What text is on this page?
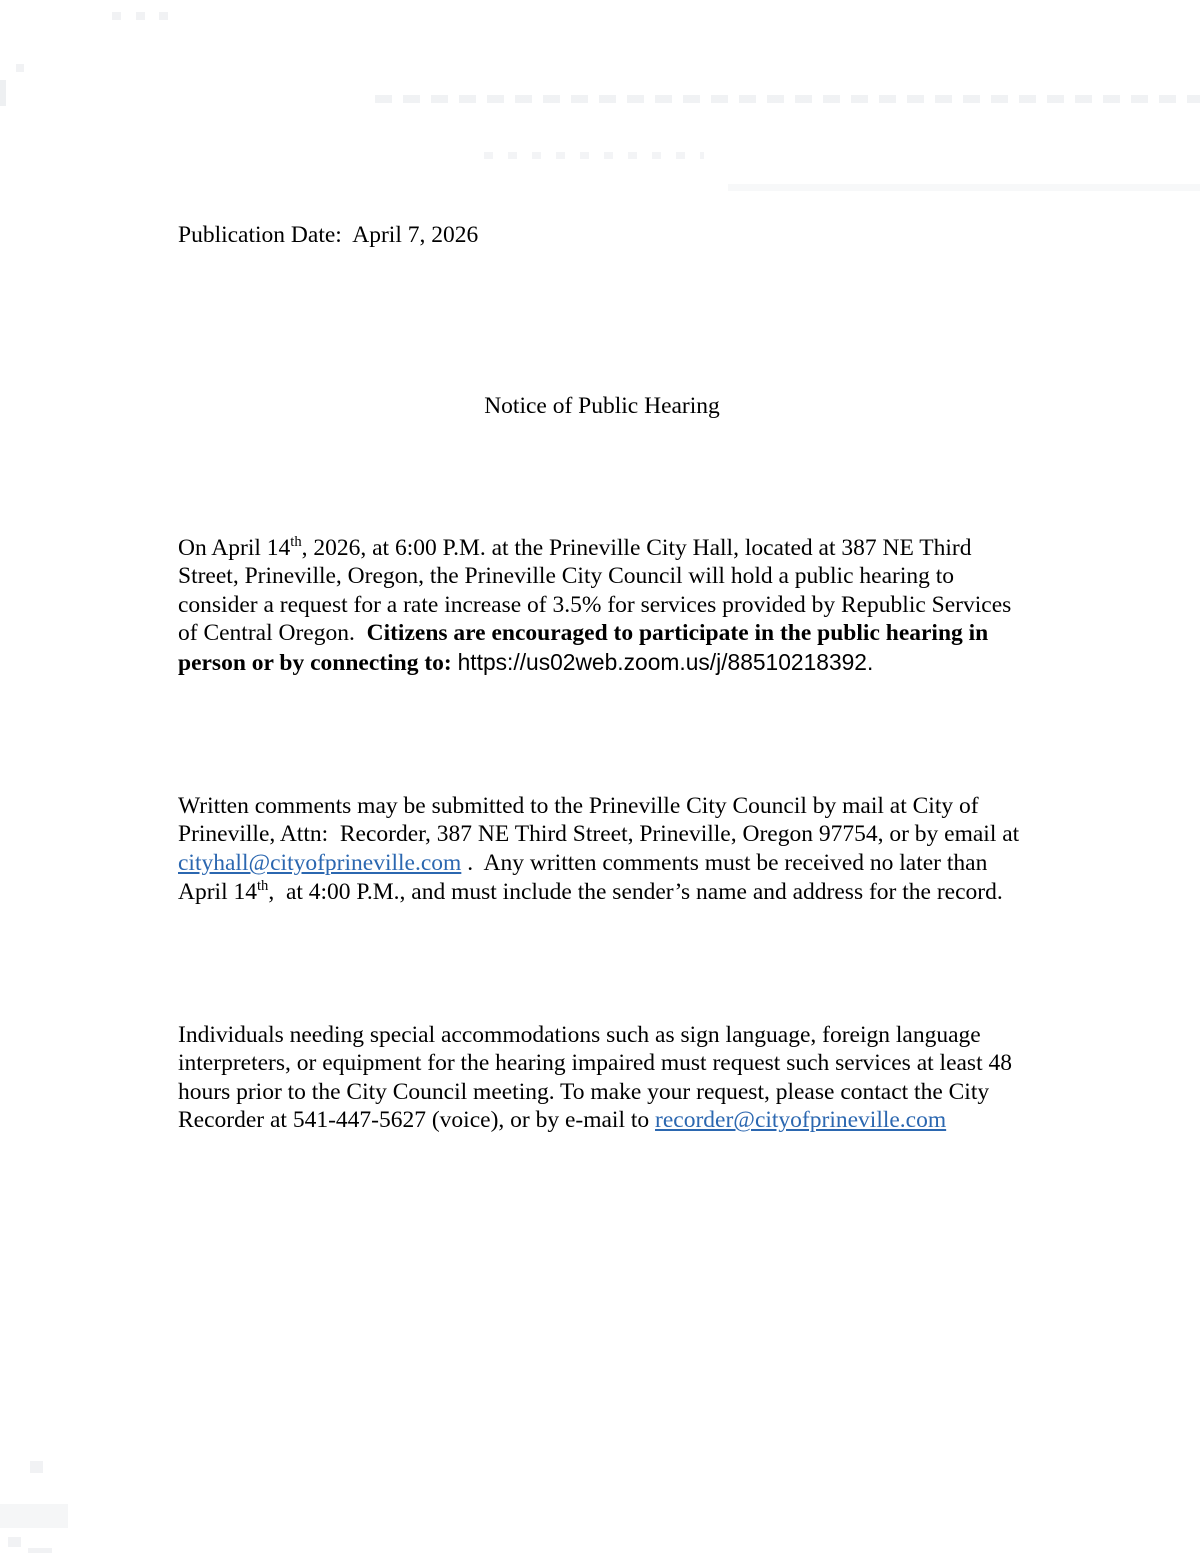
Publication Date:  April 7, 2026

Notice of Public Hearing

On April 14th, 2026, at 6:00 P.M. at the Prineville City Hall, located at 387 NE Third Street, Prineville, Oregon, the Prineville City Council will hold a public hearing to consider a request for a rate increase of 3.5% for services provided by Republic Services of Central Oregon.  Citizens are encouraged to participate in the public hearing in person or by connecting to: https://us02web.zoom.us/j/88510218392.

Written comments may be submitted to the Prineville City Council by mail at City of Prineville, Attn:  Recorder, 387 NE Third Street, Prineville, Oregon 97754, or by email at cityhall@cityofprineville.com .  Any written comments must be received no later than April 14th,  at 4:00 P.M., and must include the sender’s name and address for the record.

Individuals needing special accommodations such as sign language, foreign language interpreters, or equipment for the hearing impaired must request such services at least 48 hours prior to the City Council meeting. To make your request, please contact the City Recorder at 541-447-5627 (voice), or by e-mail to recorder@cityofprineville.com
